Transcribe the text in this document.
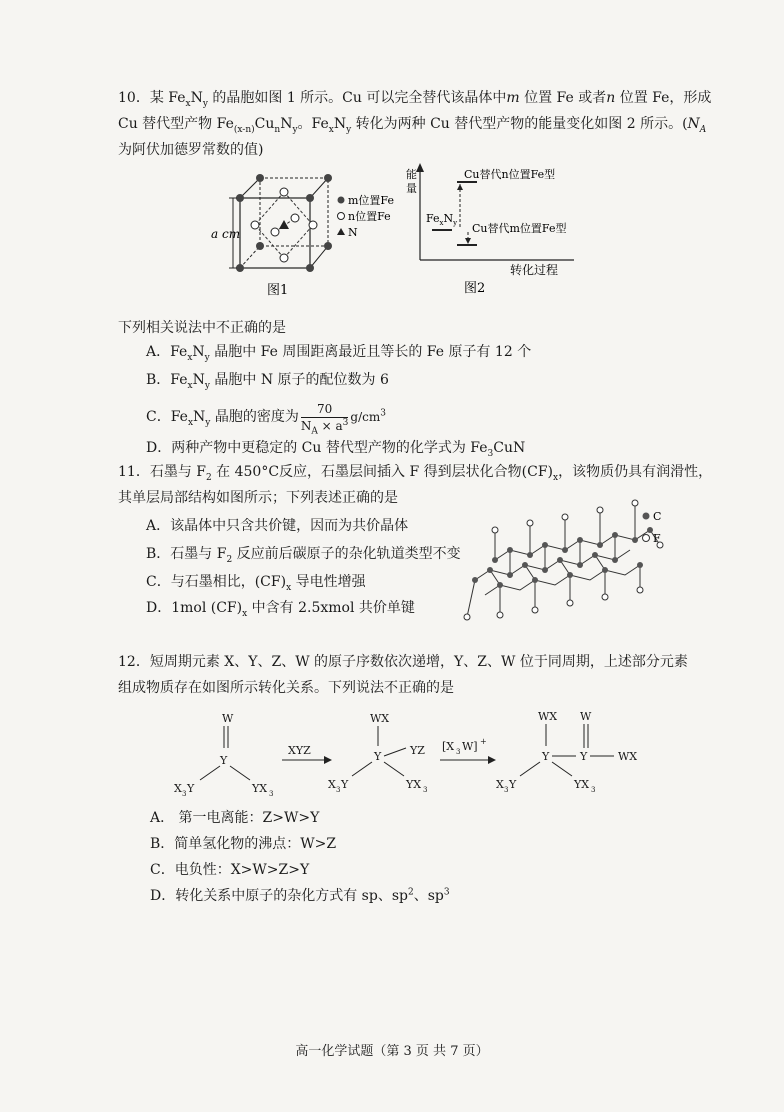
10．某 $Fe_xN_y$ 的晶胞如图 1 所示。Cu 可以完全替代该晶体中m 位置 Fe 或者n 位置 Fe，形成
Cu 替代型产物 $Fe_{(x-n)}Cu_nN_y$。$Fe_xN_y$ 转化为两种 Cu 替代型产物的能量变化如图 2 所示。($N_A$
为阿伏加德罗常数的值)
a cm
m位置Fe
n位置Fe
N
图1
能
量
转化过程
$Fe_xN_y$
Cu替代n位置Fe型
Cu替代m位置Fe型
图2
下列相关说法中不正确的是
A．$Fe_xN_y$ 晶胞中 Fe 周围距离最近且等长的 Fe 原子有 12 个
B．$Fe_xN_y$ 晶胞中 N 原子的配位数为 6
C．$Fe_xN_y$ 晶胞的密度为 $\frac{70}{N_A \times a^3} g/cm^3$
D．两种产物中更稳定的 Cu 替代型产物的化学式为 $Fe_3CuN$
11．石墨与 $F_2$ 在 450°C反应，石墨层间插入 F 得到层状化合物$(CF)_x$，该物质仍具有润滑性，
其单层局部结构如图所示；下列表述正确的是
A．该晶体中只含共价键，因而为共价晶体
B．石墨与 $F_2$ 反应前后碳原子的杂化轨道类型不变
C．与石墨相比，$(CF)_x$ 导电性增强
D．1mol $(CF)_x$ 中含有 2.5xmol 共价单键
C
F
12．短周期元素 X、Y、Z、W 的原子序数依次递增，Y、Z、W 位于同周期，上述部分元素
组成物质存在如图所示转化关系。下列说法不正确的是
W
Y
X 3 Y	YX 3
XYZ
WX
Y	YZ
X 3 Y	YX 3
[X 3 W] +
WX
Y
W
Y	WX
X 3 Y	YX 3
A． 第一电离能：Z>W>Y
B．简单氢化物的沸点：W>Z
C．电负性：X>W>Z>Y
D．转化关系中原子的杂化方式有 sp、$sp^2$、$sp^3$
高一化学试题（第 3 页 共 7 页）
